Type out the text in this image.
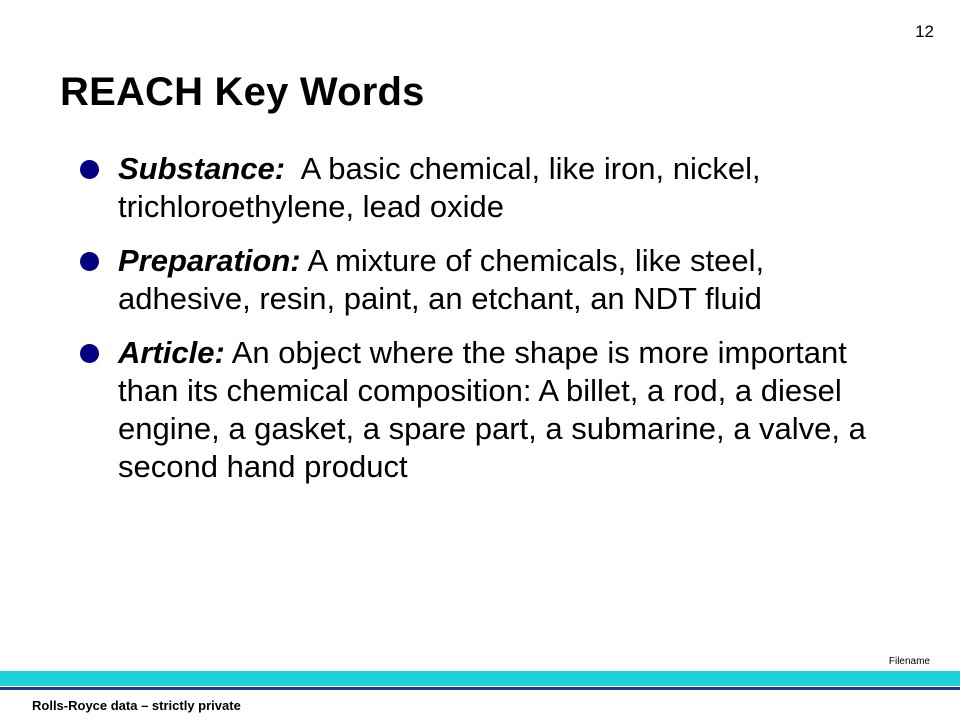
12
REACH Key Words
Substance:  A basic chemical, like iron, nickel, trichloroethylene, lead oxide
Preparation: A mixture of chemicals, like steel, adhesive, resin, paint, an etchant, an NDT fluid
Article: An object where the shape is more important than its chemical composition: A billet, a rod, a diesel engine, a gasket, a spare part, a submarine, a valve, a second hand product
Filename
Rolls-Royce data – strictly private
